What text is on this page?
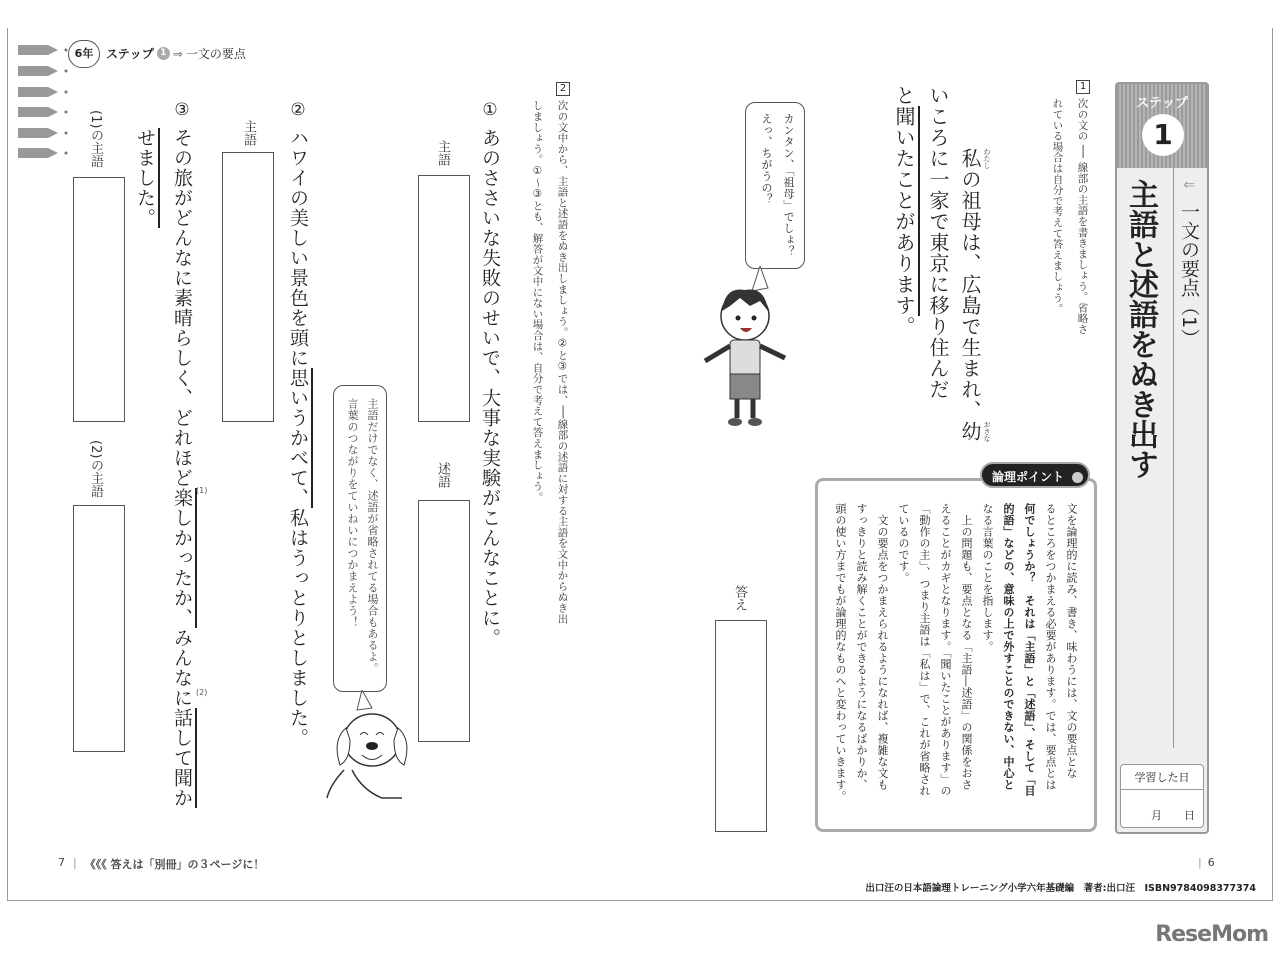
6年	ステップ 1 ⇒ 一文の要点
ステップ
1
主語と述語をぬき出す ⇓
一文の要点（1）
学習した日
月 日
1
次の文の ── 線部の主語を書きましょう。省略さ
れている場合は自分で考えて答えましょう。
私 わたし
の祖母は、広島で生まれ、幼 おさな
いころに一家で東京に移り住んだ
と聞いたことがあります。
カンタン、「祖母」でしょ？
えっ、ちがうの？
答え	文を論理的に読み、書き、味わうには、文の要点とな
るところをつかまえる必要があります。では、要点とは
何でしょうか？　それは「主語」と「述語」、そして「目
的語」などの、意味の上で外すことのできない、中心と
なる言葉のことを指します。
　上の問題も、要点となる「主語―述語」の関係をおさ
えることがカギとなります。「聞いたことがあります」の
「動作の主」、つまり主語は「私は」で、これが省略され
ているのです。
　文の要点をつかまえられるようになれば、複雑な文も
すっきりと読み解くことができるようになるばかりか、
頭の使い方までもが論理的なものへと変わっていきます。
論理ポイント
2
次の文中から、主語と述語をぬき出しましょう。②と③では、──線部の述語に対する主語を文中からぬき出
しましょう。①〜③とも、解答が文中にない場合は、自分で考えて答えましょう。
①
あのささいな失敗のせいで、大事な実験がこんなことに。
主語
述語
②
ハワイの美しい景色を頭に思いうかべて、私はうっとりとしました。
主語
③
その旅がどんなに素晴らしく、どれほど楽しかったか、みんなに話して聞か
せました。
(1)
(2)
(1)の主語
(2)の主語	主語だけでなく、述語が省略されてる場合もあるよ。
言葉のつながりをていねいにつかまえよう！
7 | 《《《 答えは「別冊」の３ページに！	| 6
出口汪の日本語論理トレーニング小学六年基礎編　著者:出口汪　ISBN9784098377374
ReseMom
